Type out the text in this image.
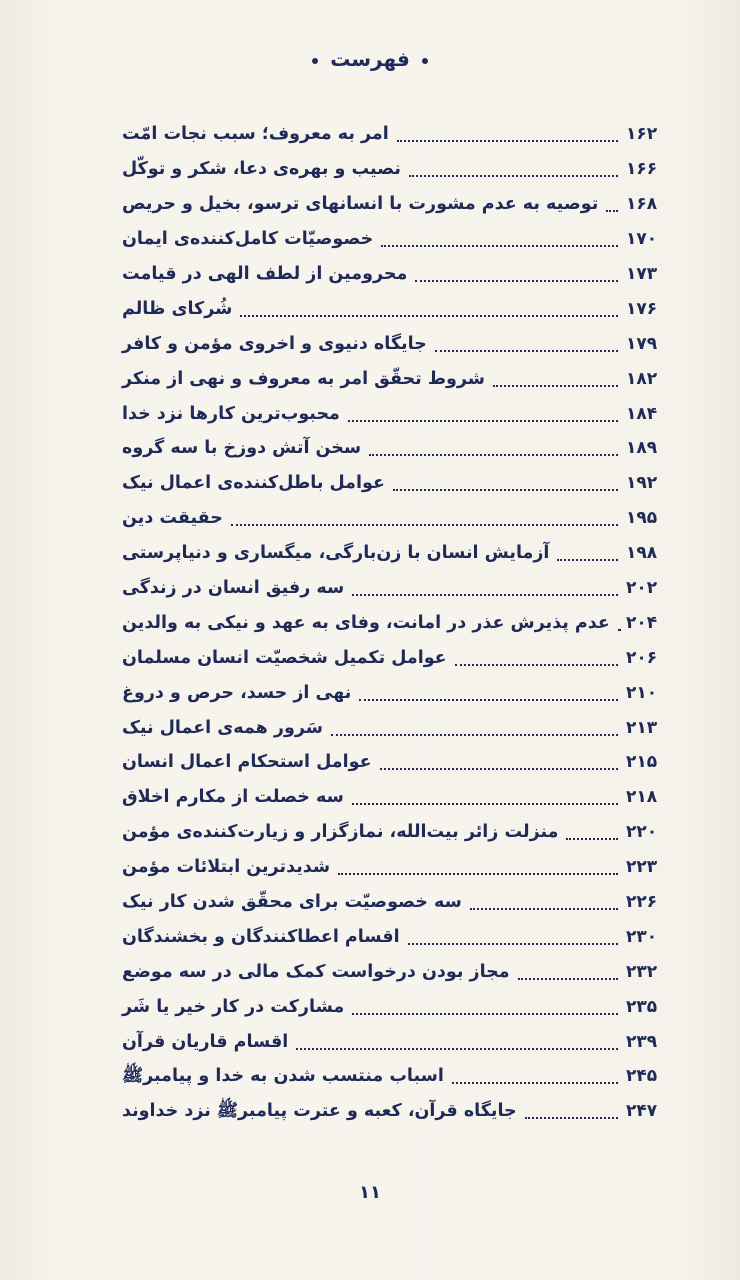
فهرست
امر به معروف؛ سبب نجات امّت	۱۶۲
نصیب و بهره‌ی دعا، شکر و توکّل	۱۶۶
توصیه به عدم مشورت با انسانهای ترسو، بخیل و حریص ۱۶۸
خصوصیّات کامل‌کننده‌ی ایمان	۱۷۰
محرومین از لطف الهی در قیامت	۱۷۳
شُرکای ظالم	۱۷۶
جایگاه دنیوی و اخروی مؤمن و کافر	۱۷۹
شروط تحقّق امر به معروف و نهی از منکر	۱۸۲
محبوب‌ترین کارها نزد خدا	۱۸۴
سخن آتش دوزخ با سه گروه	۱۸۹
عوامل باطل‌کننده‌ی اعمال نیک	۱۹۲
حقیقت دین	۱۹۵
آزمایش انسان با زن‌بارگی، میگساری و دنیاپرستی	۱۹۸
سه رفیق انسان در زندگی	۲۰۲
عدم پذیرش عذر در امانت، وفای به عهد و نیکی به والدین ۲۰۴
عوامل تکمیل شخصیّت انسان مسلمان	۲۰۶
نهی از حسد، حرص و دروغ	۲۱۰
سَرور همه‌ی اعمال نیک	۲۱۳
عوامل استحکام اعمال انسان	۲۱۵
سه خصلت از مکارم اخلاق	۲۱۸
منزلت زائر بیت‌الله، نمازگزار و زیارت‌کننده‌ی مؤمن	۲۲۰
شدیدترین ابتلائات مؤمن	۲۲۳
سه خصوصیّت برای محقّق شدن کار نیک	۲۲۶
اقسام اعطاکنندگان و بخشندگان	۲۳۰
مجاز بودن درخواست کمک مالی در سه موضع	۲۳۲
مشارکت در کار خیر یا شَر	۲۳۵
اقسام قاریان قرآن	۲۳۹
اسباب منتسب شدن به خدا و پیامبرﷺ	۲۴۵
جایگاه قرآن، کعبه و عترت پیامبرﷺ نزد خداوند	۲۴۷
۱۱
